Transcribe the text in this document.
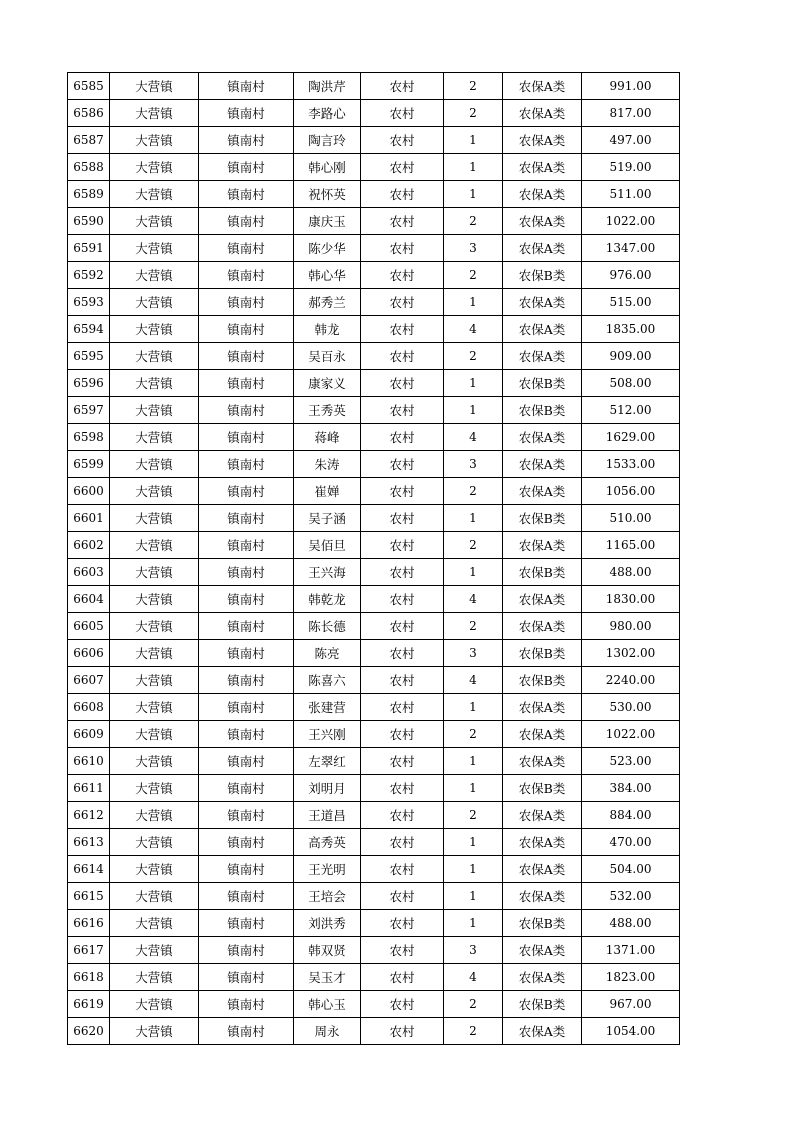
6585	大营镇	镇南村	陶洪芹	农村	2	农保A类	991.00
6586	大营镇	镇南村	李路心	农村	2	农保A类	817.00
6587	大营镇	镇南村	陶言玲	农村	1	农保A类	497.00
6588	大营镇	镇南村	韩心刚	农村	1	农保A类	519.00
6589	大营镇	镇南村	祝怀英	农村	1	农保A类	511.00
6590	大营镇	镇南村	康庆玉	农村	2	农保A类	1022.00
6591	大营镇	镇南村	陈少华	农村	3	农保A类	1347.00
6592	大营镇	镇南村	韩心华	农村	2	农保B类	976.00
6593	大营镇	镇南村	郝秀兰	农村	1	农保A类	515.00
6594	大营镇	镇南村	韩龙	农村	4	农保A类	1835.00
6595	大营镇	镇南村	吴百永	农村	2	农保A类	909.00
6596	大营镇	镇南村	康家义	农村	1	农保B类	508.00
6597	大营镇	镇南村	王秀英	农村	1	农保B类	512.00
6598	大营镇	镇南村	蒋峰	农村	4	农保A类	1629.00
6599	大营镇	镇南村	朱涛	农村	3	农保A类	1533.00
6600	大营镇	镇南村	崔婵	农村	2	农保A类	1056.00
6601	大营镇	镇南村	吴子涵	农村	1	农保B类	510.00
6602	大营镇	镇南村	吴佰旦	农村	2	农保A类	1165.00
6603	大营镇	镇南村	王兴海	农村	1	农保B类	488.00
6604	大营镇	镇南村	韩乾龙	农村	4	农保A类	1830.00
6605	大营镇	镇南村	陈长德	农村	2	农保A类	980.00
6606	大营镇	镇南村	陈亮	农村	3	农保B类	1302.00
6607	大营镇	镇南村	陈喜六	农村	4	农保B类	2240.00
6608	大营镇	镇南村	张建营	农村	1	农保A类	530.00
6609	大营镇	镇南村	王兴刚	农村	2	农保A类	1022.00
6610	大营镇	镇南村	左翠红	农村	1	农保A类	523.00
6611	大营镇	镇南村	刘明月	农村	1	农保B类	384.00
6612	大营镇	镇南村	王道昌	农村	2	农保A类	884.00
6613	大营镇	镇南村	高秀英	农村	1	农保A类	470.00
6614	大营镇	镇南村	王光明	农村	1	农保A类	504.00
6615	大营镇	镇南村	王培会	农村	1	农保A类	532.00
6616	大营镇	镇南村	刘洪秀	农村	1	农保B类	488.00
6617	大营镇	镇南村	韩双贤	农村	3	农保A类	1371.00
6618	大营镇	镇南村	吴玉才	农村	4	农保A类	1823.00
6619	大营镇	镇南村	韩心玉	农村	2	农保B类	967.00
6620	大营镇	镇南村	周永	农村	2	农保A类	1054.00
